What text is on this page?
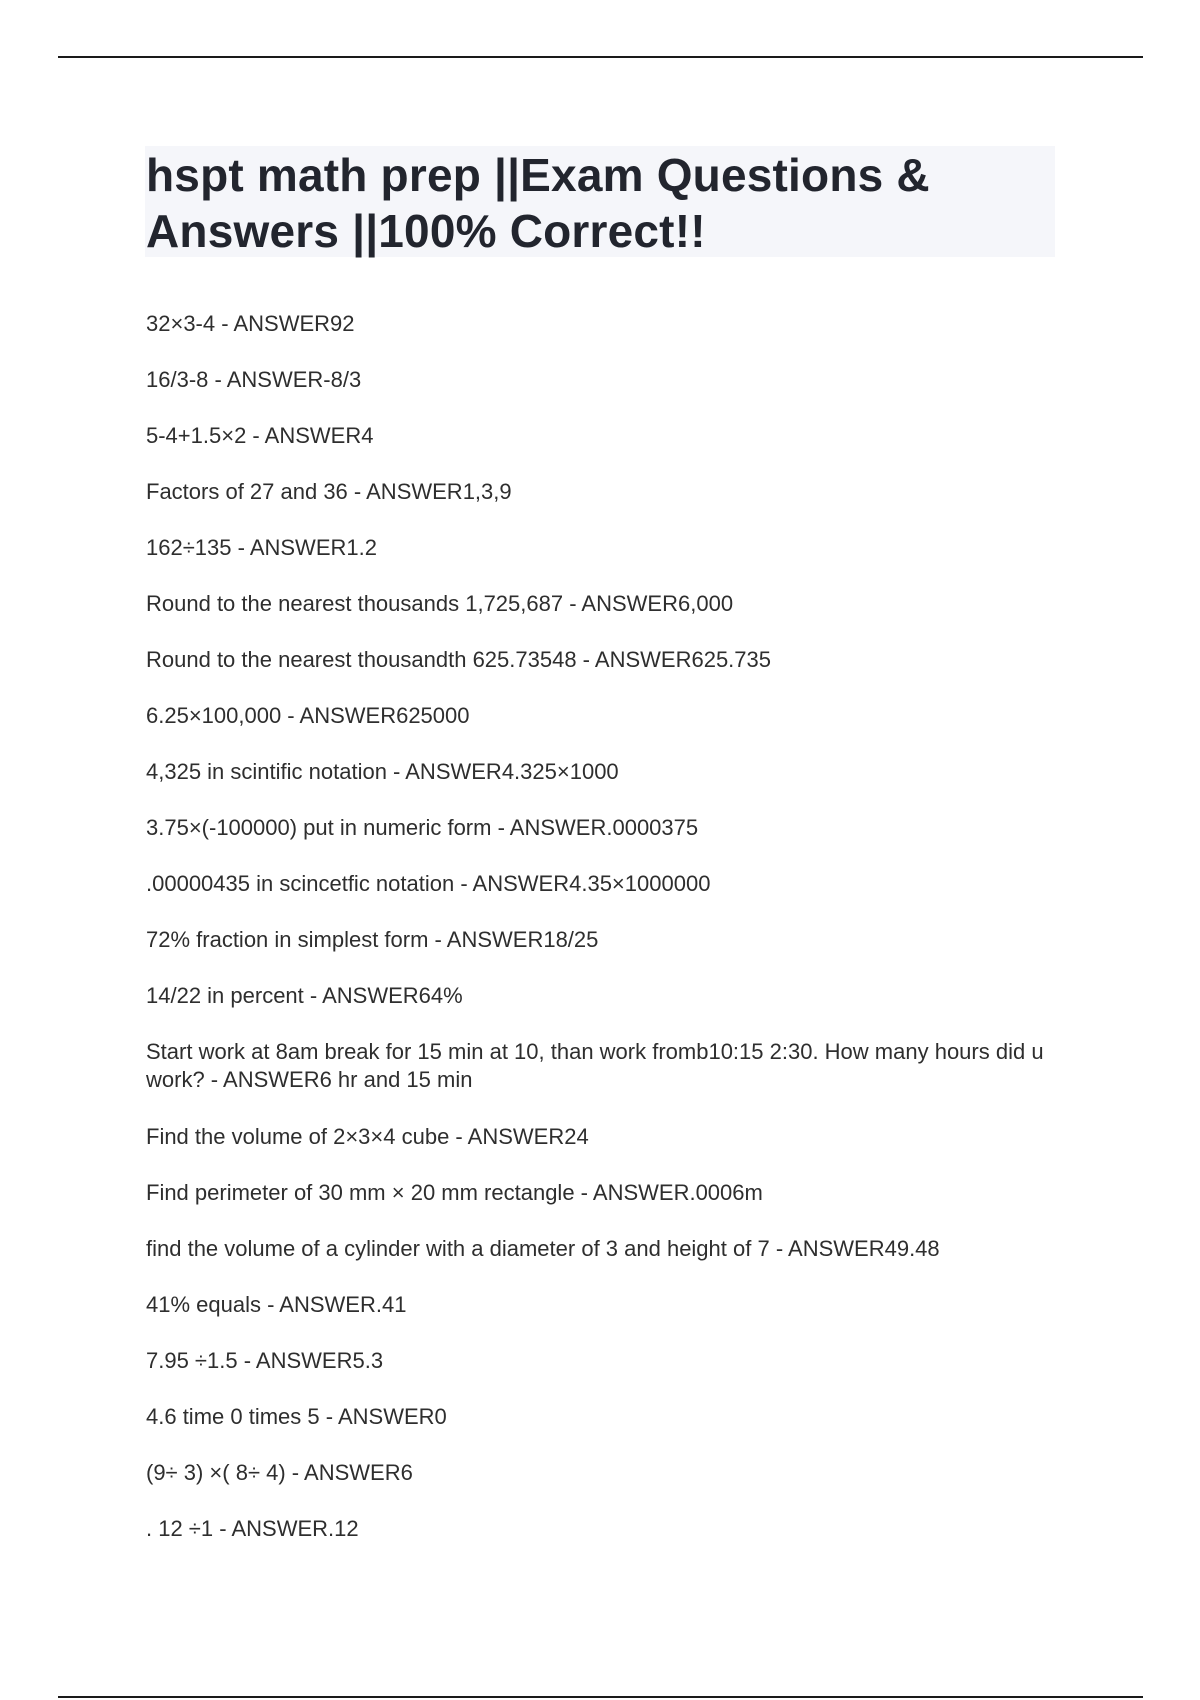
hspt math prep ||Exam Questions & Answers ||100% Correct!!
32×3-4 - ANSWER92
16/3-8 - ANSWER-8/3
5-4+1.5×2 - ANSWER4
Factors of 27 and 36 - ANSWER1,3,9
162÷135 - ANSWER1.2
Round to the nearest thousands 1,725,687 - ANSWER6,000
Round to the nearest thousandth 625.73548 - ANSWER625.735
6.25×100,000 - ANSWER625000
4,325 in scintific notation - ANSWER4.325×1000
3.75×(-100000) put in numeric form - ANSWER.0000375
.00000435 in scincetfic notation - ANSWER4.35×1000000
72% fraction in simplest form - ANSWER18/25
14/22 in percent - ANSWER64%
Start work at 8am break for 15 min at 10, than work fromb10:15 2:30. How many hours did u work? - ANSWER6 hr and 15 min
Find the volume of 2×3×4 cube - ANSWER24
Find perimeter of 30 mm × 20 mm rectangle - ANSWER.0006m
find the volume of a cylinder with a diameter of 3 and height of 7 - ANSWER49.48
41% equals - ANSWER.41
7.95 ÷1.5 - ANSWER5.3
4.6 time 0 times 5 - ANSWER0
(9÷ 3) ×( 8÷ 4) - ANSWER6
. 12 ÷1 - ANSWER.12
